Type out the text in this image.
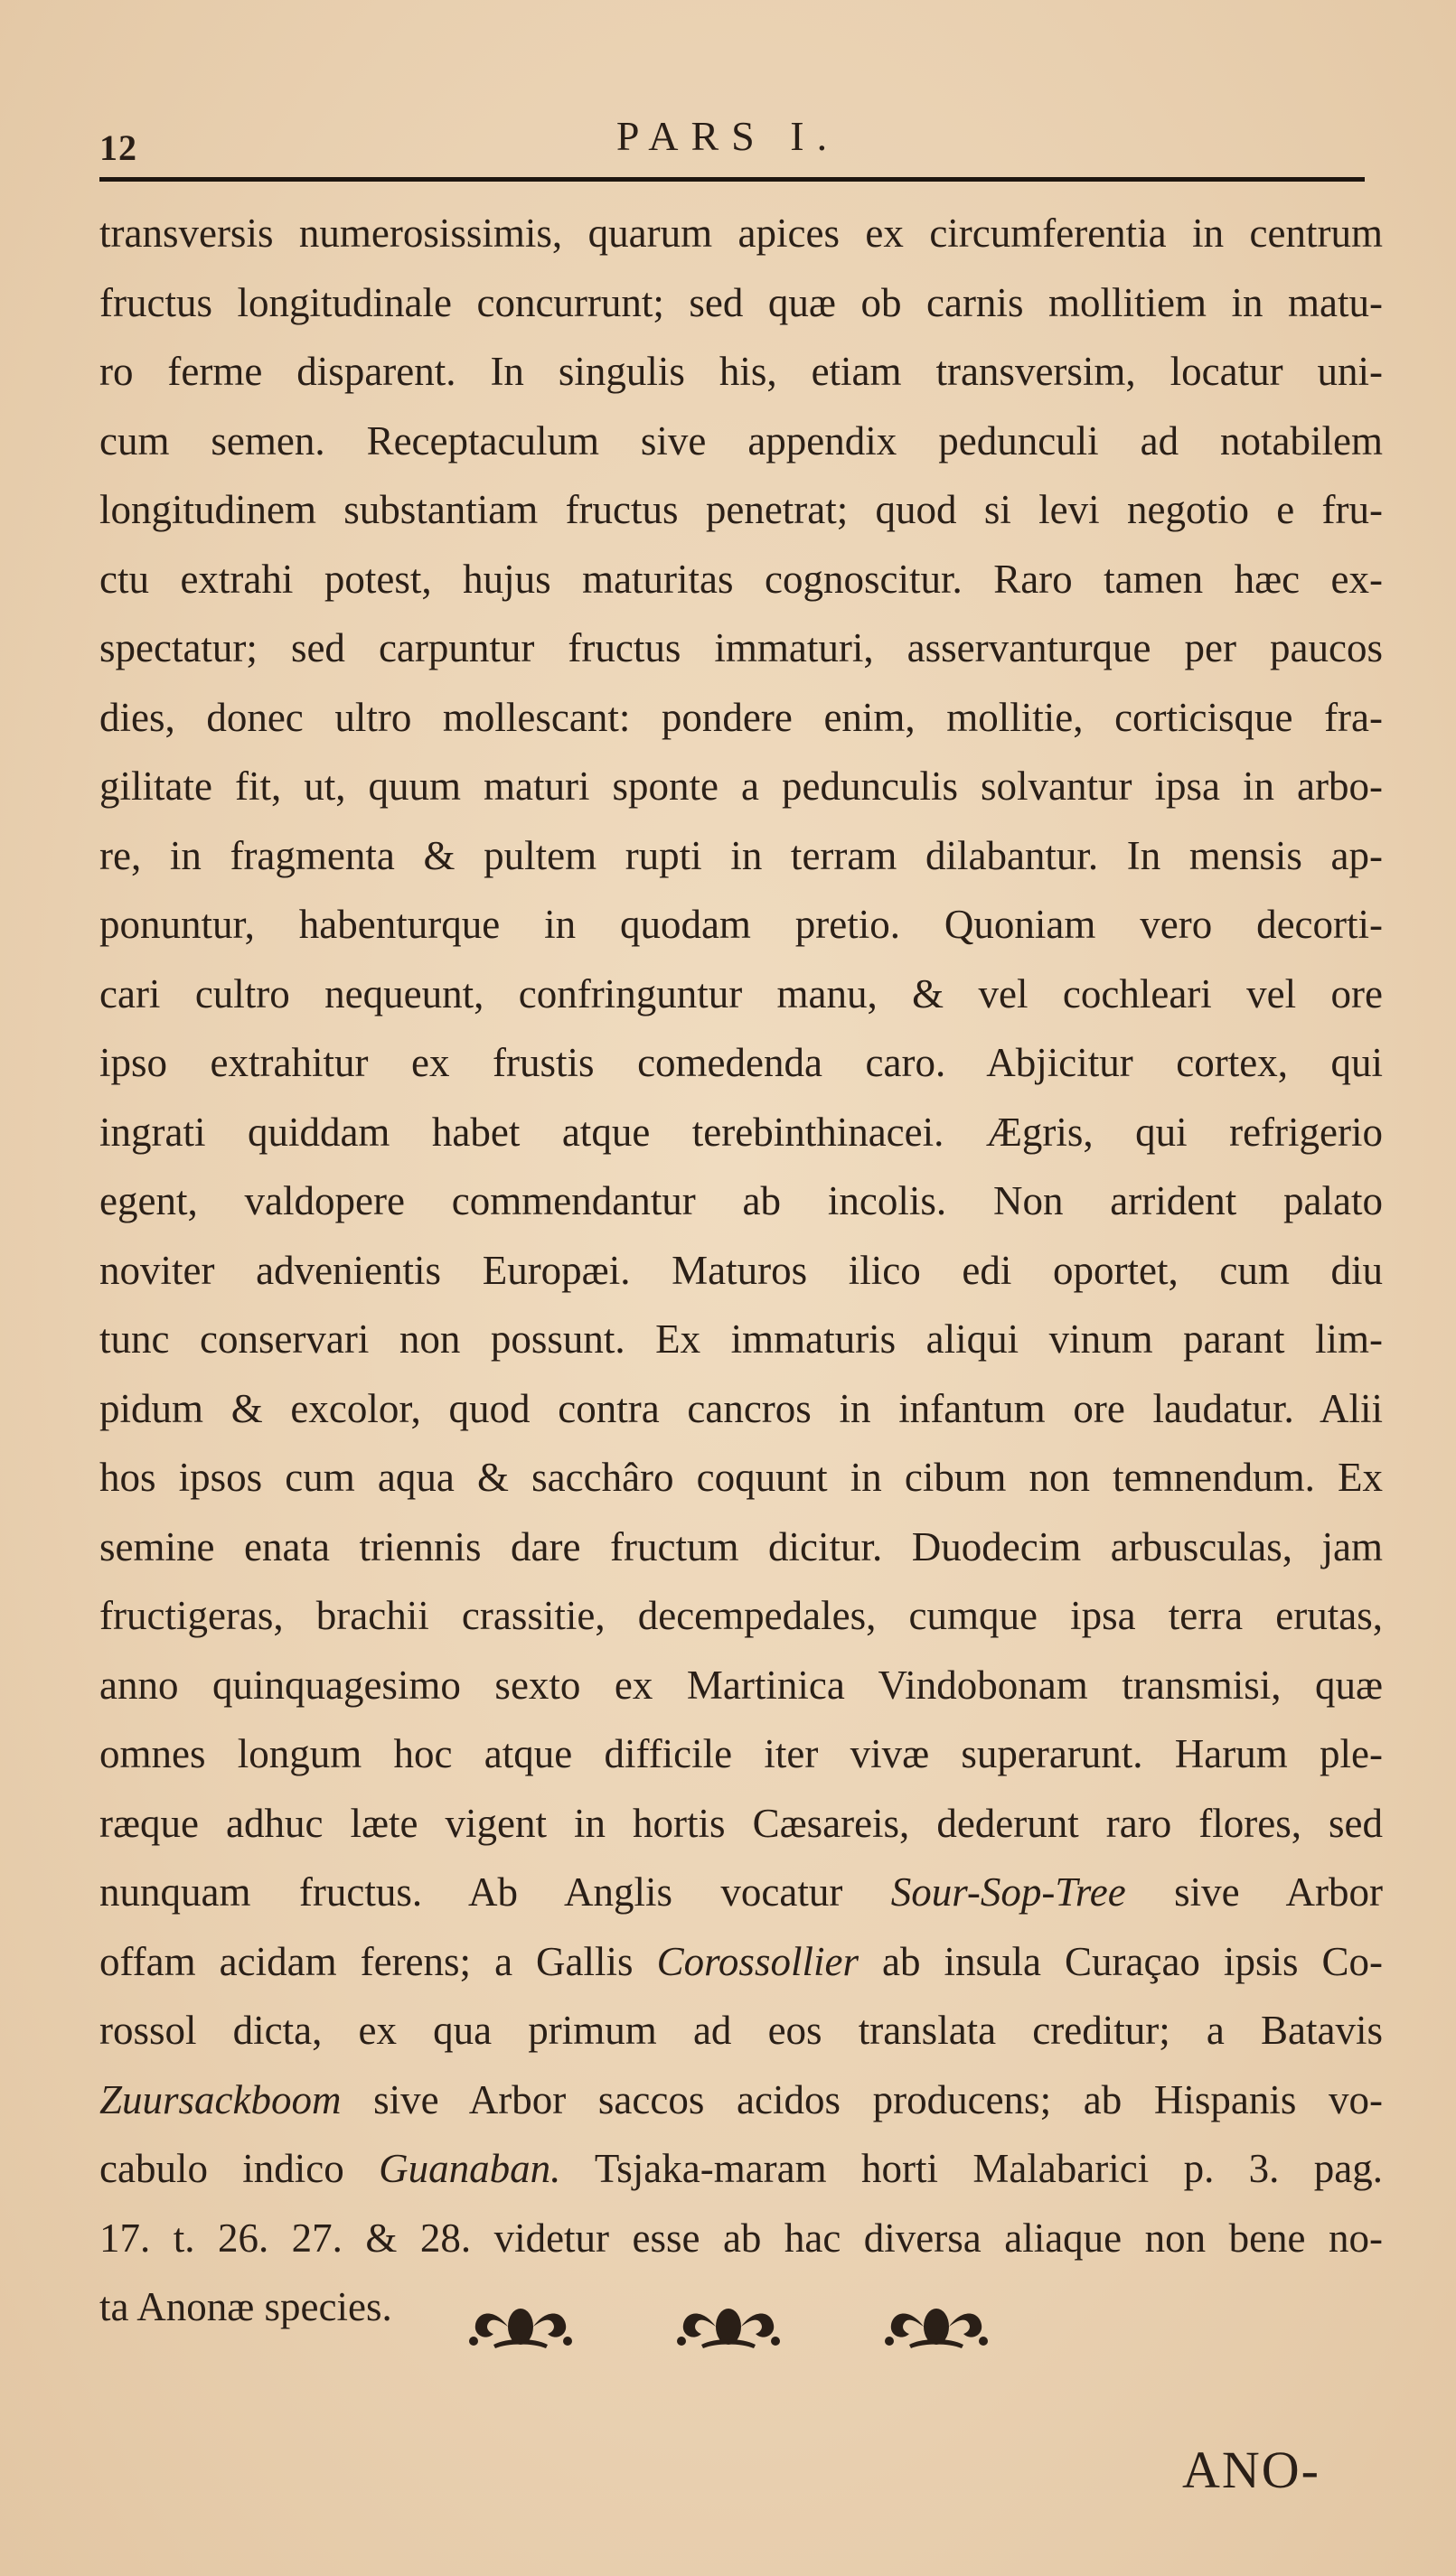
12	PARS I.
transversis numerosissimis, quarum apices ex circumferentia in centrum
fructus longitudinale concurrunt; sed quæ ob carnis mollitiem in matu-
ro ferme disparent. In singulis his, etiam transversim, locatur uni-
cum semen. Receptaculum sive appendix pedunculi ad notabilem
longitudinem substantiam fructus penetrat; quod si levi negotio e fru-
ctu extrahi potest, hujus maturitas cognoscitur. Raro tamen hæc ex-
spectatur; sed carpuntur fructus immaturi, asservanturque per paucos
dies, donec ultro mollescant: pondere enim, mollitie, corticisque fra-
gilitate fit, ut, quum maturi sponte a pedunculis solvantur ipsa in arbo-
re, in fragmenta & pultem rupti in terram dilabantur. In mensis ap-
ponuntur, habenturque in quodam pretio. Quoniam vero decorti-
cari cultro nequeunt, confringuntur manu, & vel cochleari vel ore
ipso extrahitur ex frustis comedenda caro. Abjicitur cortex, qui
ingrati quiddam habet atque terebinthinacei. Ægris, qui refrigerio
egent, valdopere commendantur ab incolis. Non arrident palato
noviter advenientis Europæi. Maturos ilico edi oportet, cum diu
tunc conservari non possunt. Ex immaturis aliqui vinum parant lim-
pidum & excolor, quod contra cancros in infantum ore laudatur. Alii
hos ipsos cum aqua & sacchâro coquunt in cibum non temnendum. Ex
semine enata triennis dare fructum dicitur. Duodecim arbusculas, jam
fructigeras, brachii crassitie, decempedales, cumque ipsa terra erutas,
anno quinquagesimo sexto ex Martinica Vindobonam transmisi, quæ
omnes longum hoc atque difficile iter vivæ superarunt. Harum ple-
ræque adhuc læte vigent in hortis Cæsareis, dederunt raro flores, sed
nunquam fructus. Ab Anglis vocatur Sour-Sop-Tree sive Arbor
offam acidam ferens; a Gallis Corossollier ab insula Curaçao ipsis Co-
rossol dicta, ex qua primum ad eos translata creditur; a Batavis
Zuursackboom sive Arbor saccos acidos producens; ab Hispanis vo-
cabulo indico Guanaban. Tsjaka-maram horti Malabarici p. 3. pag.
17. t. 26. 27. & 28. videtur esse ab hac diversa aliaque non bene no-
ta Anonæ species.
ANO-
